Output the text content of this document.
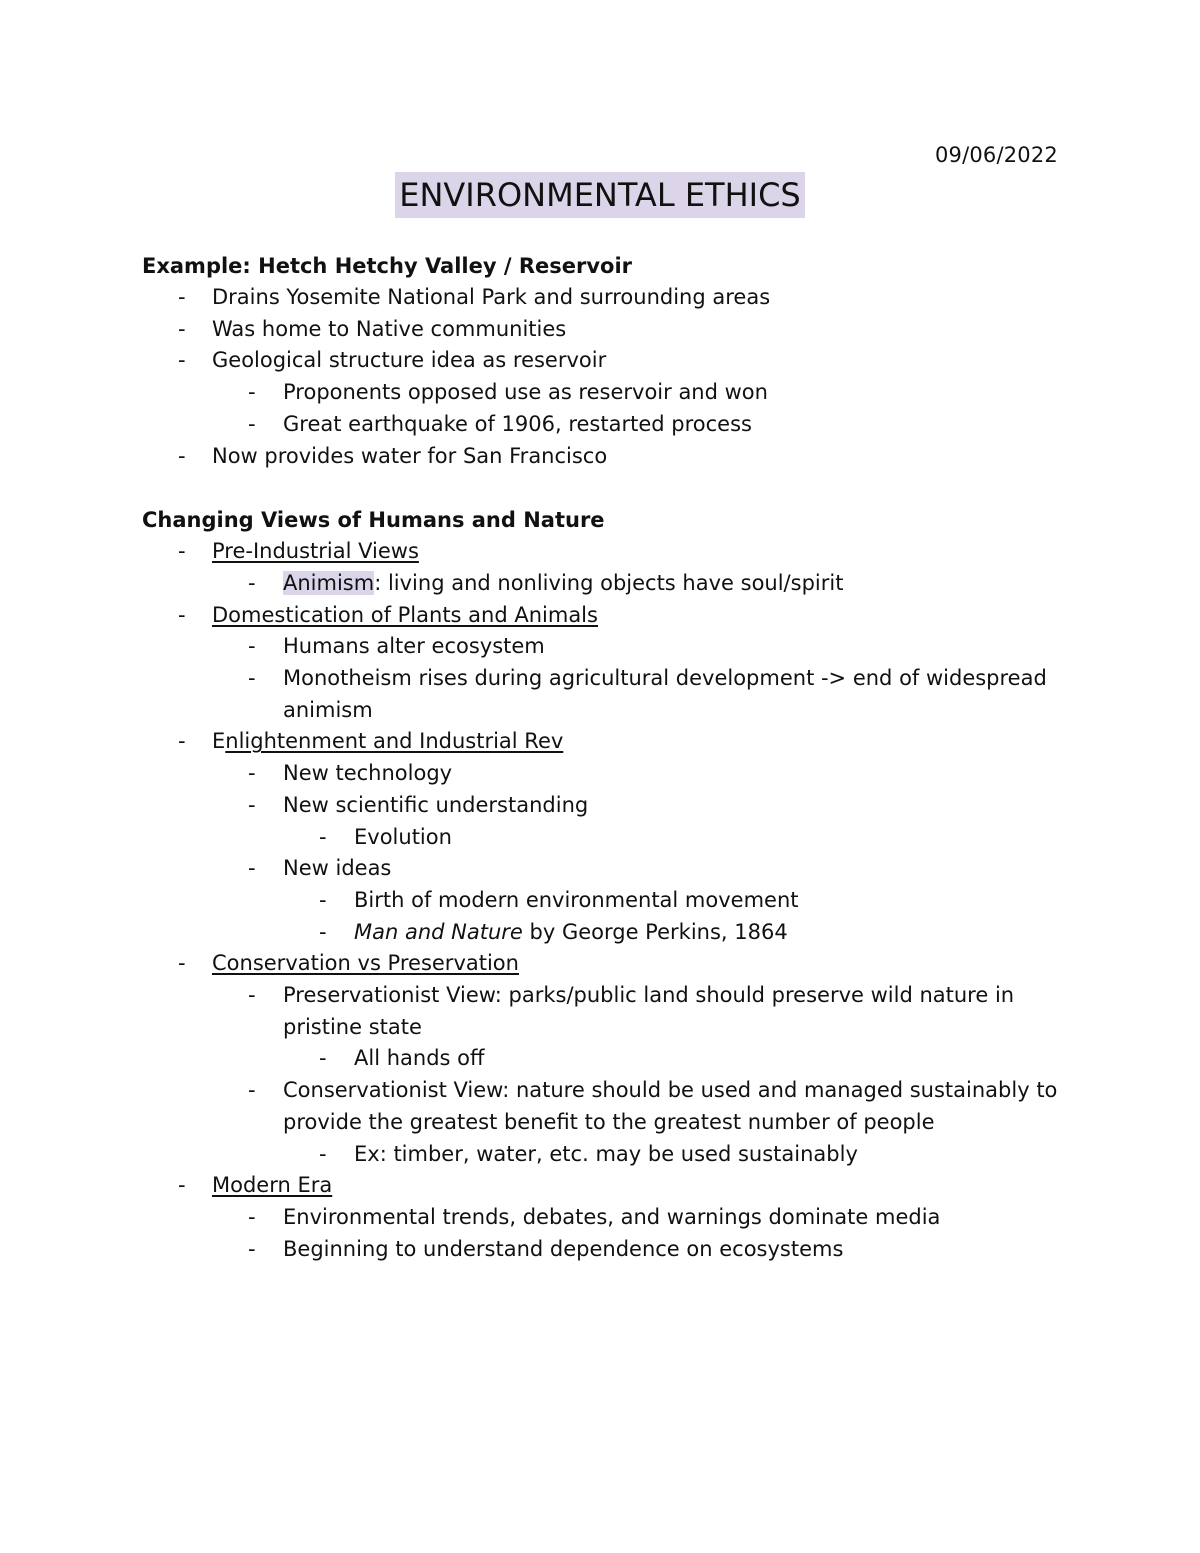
09/06/2022
ENVIRONMENTAL ETHICS
Example: Hetch Hetchy Valley / Reservoir
- Drains Yosemite National Park and surrounding areas
- Was home to Native communities
- Geological structure idea as reservoir
- Proponents opposed use as reservoir and won
- Great earthquake of 1906, restarted process
- Now provides water for San Francisco
Changing Views of Humans and Nature
- Pre-Industrial Views
- Animism: living and nonliving objects have soul/spirit
- Domestication of Plants and Animals
- Humans alter ecosystem
- Monotheism rises during agricultural development -> end of widespread animism
- Enlightenment and Industrial Rev
- New technology
- New scientific understanding
- Evolution
- New ideas
- Birth of modern environmental movement
- Man and Nature by George Perkins, 1864
- Conservation vs Preservation
- Preservationist View: parks/public land should preserve wild nature in pristine state
- All hands off
- Conservationist View: nature should be used and managed sustainably to provide the greatest benefit to the greatest number of people
- Ex: timber, water, etc. may be used sustainably
- Modern Era
- Environmental trends, debates, and warnings dominate media
- Beginning to understand dependence on ecosystems
